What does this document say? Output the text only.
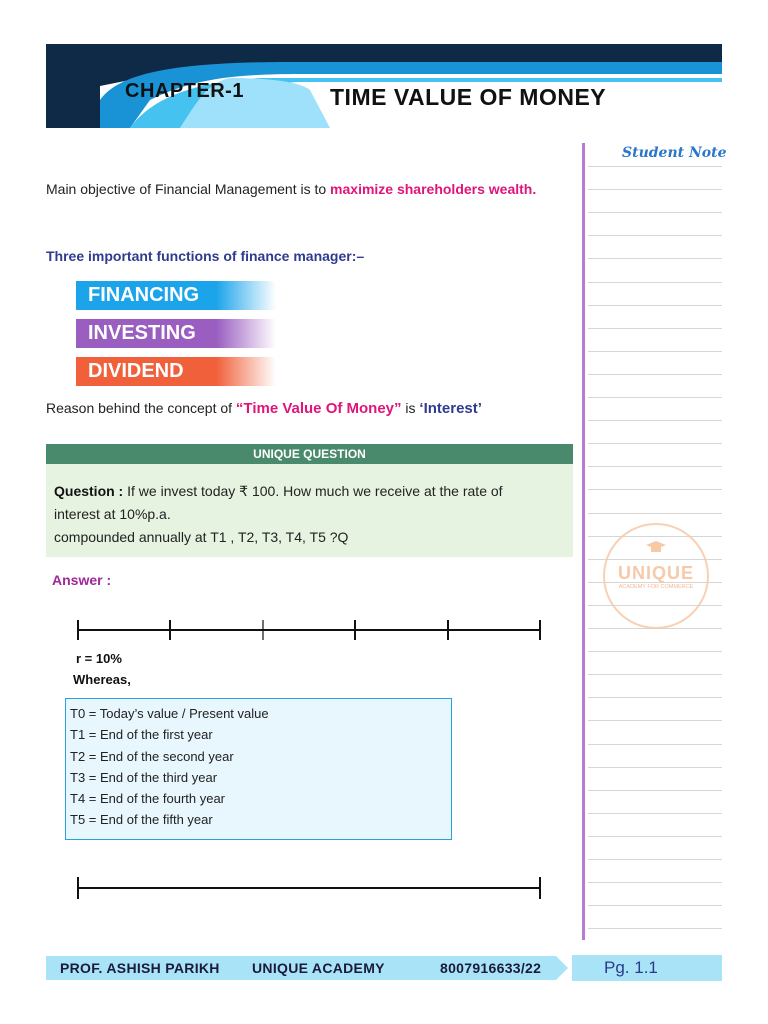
CHAPTER-1	TIME VALUE OF MONEY
Student Note
Main objective of Financial Management is to maximize shareholders wealth.
Three important functions of finance manager:–
FINANCING
INVESTING
DIVIDEND
Reason behind the concept of “Time Value Of Money” is ‘Interest’
UNIQUE QUESTION
Question : If we invest today ₹ 100. How much we receive at the rate of
interest at 10%p.a.
compounded annually at T1 , T2, T3, T4, T5 ?Q
Answer :
r = 10%
Whereas,
T0 = Today’s value / Present value
T1 = End of the first year
T2 = End of the second year
T3 = End of the third year
T4 = End of the fourth year
T5 = End of the fifth year
UNIQUE
ACADEMY FOR COMMERCE
PROF. ASHISH PARIKH UNIQUE ACADEMY	8007916633/22	Pg. 1.1
